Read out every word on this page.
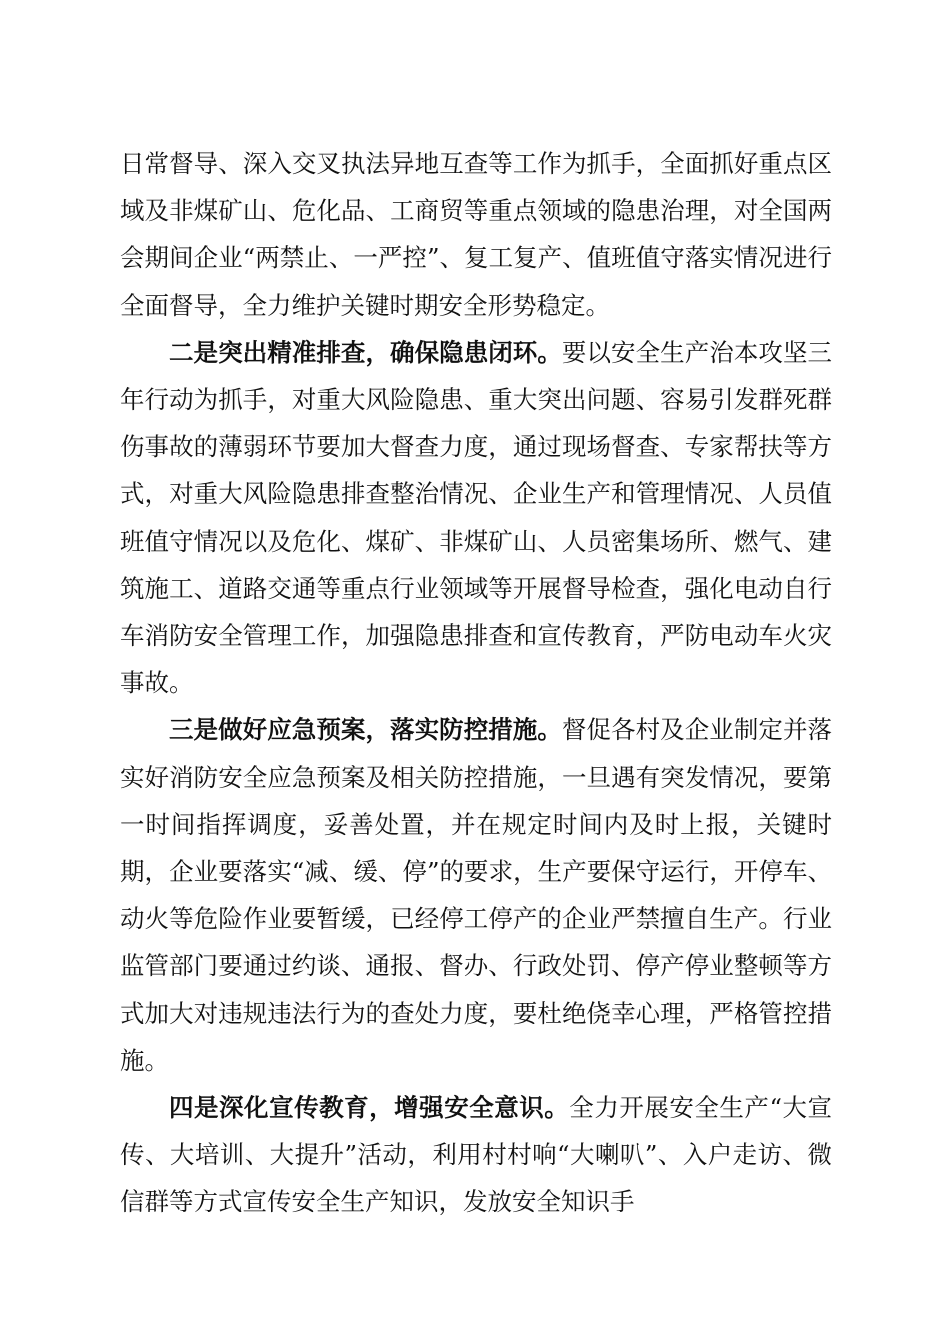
日常督导、深入交叉执法异地互查等工作为抓手，全面抓好重点区域及非煤矿山、危化品、工商贸等重点领域的隐患治理，对全国两会期间企业“两禁止、一严控”、复工复产、值班值守落实情况进行全面督导，全力维护关键时期安全形势稳定。

二是突出精准排查，确保隐患闭环。要以安全生产治本攻坚三年行动为抓手，对重大风险隐患、重大突出问题、容易引发群死群伤事故的薄弱环节要加大督查力度，通过现场督查、专家帮扶等方式，对重大风险隐患排查整治情况、企业生产和管理情况、人员值班值守情况以及危化、煤矿、非煤矿山、人员密集场所、燃气、建筑施工、道路交通等重点行业领域等开展督导检查，强化电动自行车消防安全管理工作，加强隐患排查和宣传教育，严防电动车火灾事故。

三是做好应急预案，落实防控措施。督促各村及企业制定并落实好消防安全应急预案及相关防控措施，一旦遇有突发情况，要第一时间指挥调度，妥善处置，并在规定时间内及时上报，关键时期，企业要落实“减、缓、停”的要求，生产要保守运行，开停车、动火等危险作业要暂缓，已经停工停产的企业严禁擅自生产。行业监管部门要通过约谈、通报、督办、行政处罚、停产停业整顿等方式加大对违规违法行为的查处力度，要杜绝侥幸心理，严格管控措施。

四是深化宣传教育，增强安全意识。全力开展安全生产“大宣传、大培训、大提升”活动，利用村村响“大喇叭”、入户走访、微信群等方式宣传安全生产知识，发放安全知识手
